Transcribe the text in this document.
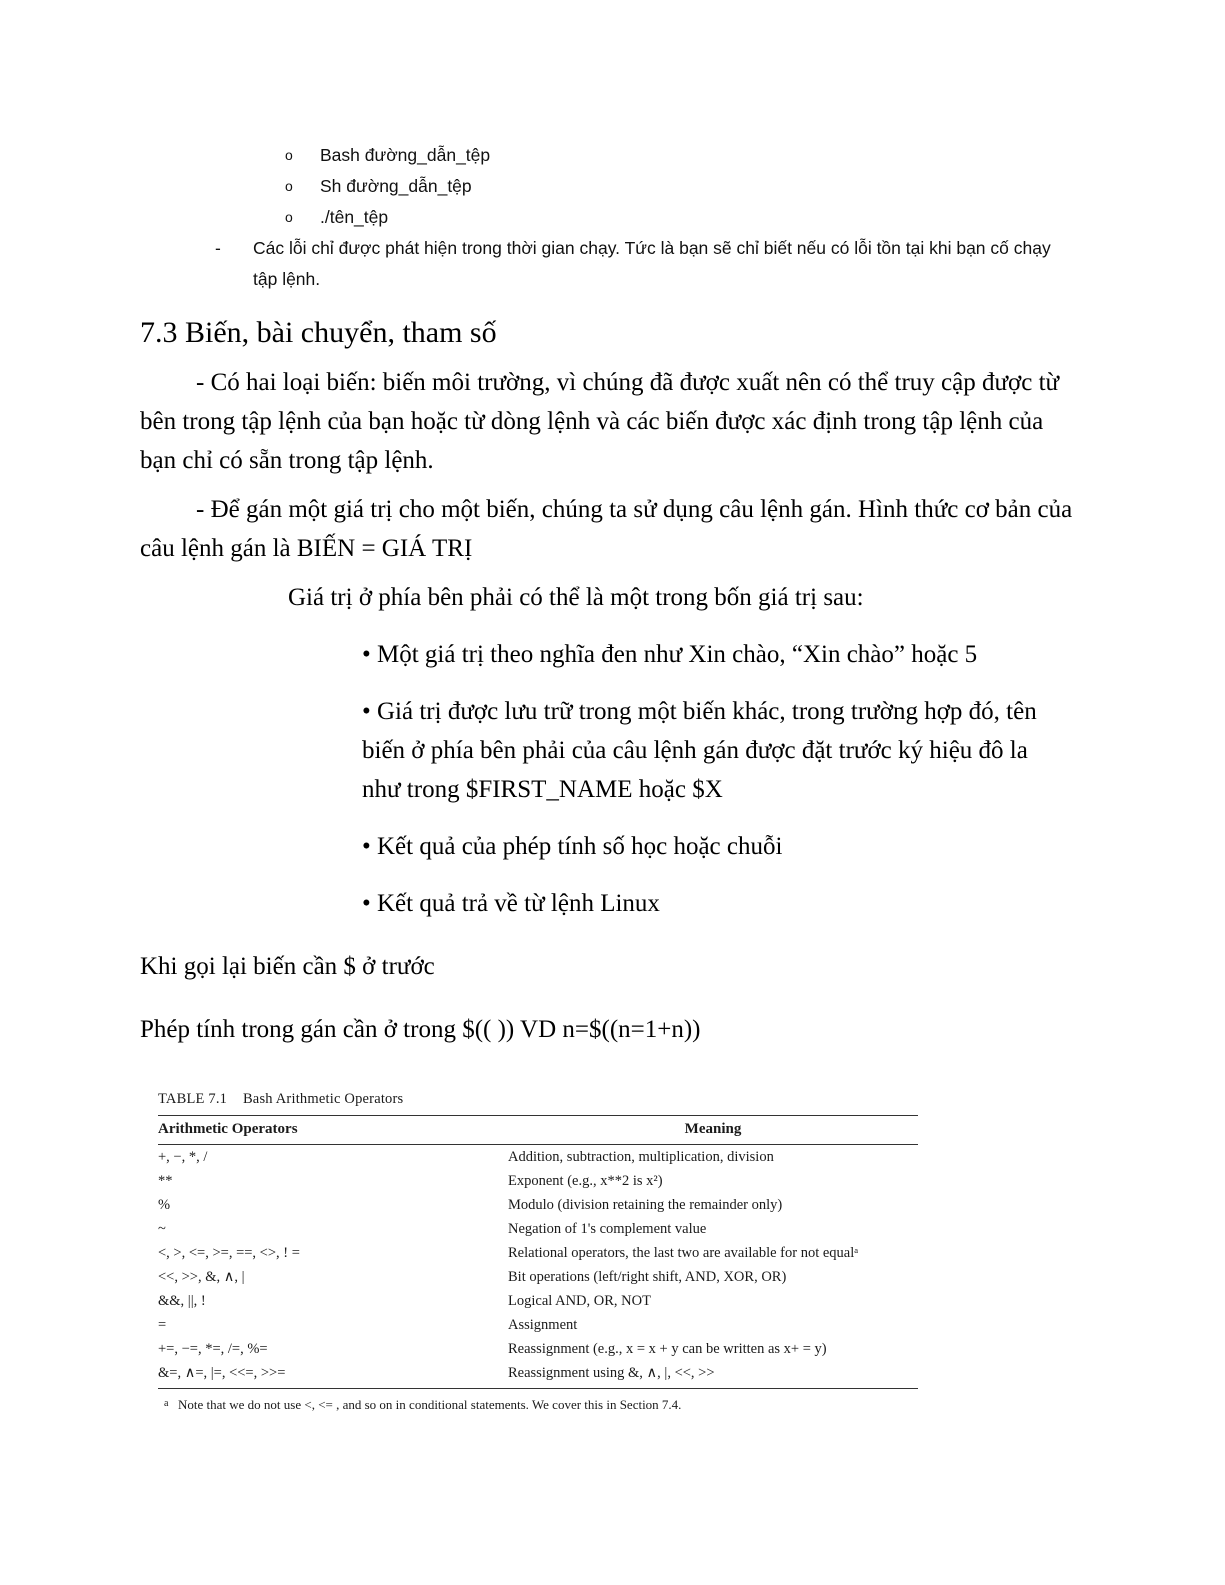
o Bash đường_dẫn_tệp
o Sh đường_dẫn_tệp
o ./tên_tệp
- Các lỗi chỉ được phát hiện trong thời gian chạy. Tức là bạn sẽ chỉ biết nếu có lỗi tồn tại khi bạn cố chạy tập lệnh.
7.3 Biến, bài chuyển, tham số

- Có hai loại biến: biến môi trường, vì chúng đã được xuất nên có thể truy cập được từ bên trong tập lệnh của bạn hoặc từ dòng lệnh và các biến được xác định trong tập lệnh của bạn chỉ có sẵn trong tập lệnh.

- Để gán một giá trị cho một biến, chúng ta sử dụng câu lệnh gán. Hình thức cơ bản của câu lệnh gán là BIẾN = GIÁ TRỊ

Giá trị ở phía bên phải có thể là một trong bốn giá trị sau:

• Một giá trị theo nghĩa đen như Xin chào, “Xin chào” hoặc 5

• Giá trị được lưu trữ trong một biến khác, trong trường hợp đó, tên biến ở phía bên phải của câu lệnh gán được đặt trước ký hiệu đô la như trong $FIRST_NAME hoặc $X

• Kết quả của phép tính số học hoặc chuỗi

• Kết quả trả về từ lệnh Linux

Khi gọi lại biến cần $ ở trước

Phép tính trong gán cần ở trong $(( )) VD n=$((n=1+n))

TABLE 7.1 Bash Arithmetic Operators
Arithmetic Operators	Meaning
+, −, *, /	Addition, subtraction, multiplication, division
**	Exponent (e.g., x**2 is x²)
%	Modulo (division retaining the remainder only)
~	Negation of 1's complement value
<, >, <=, >=, ==, <>, ! =	Relational operators, the last two are available for not equalᵃ
<<, >>, &, ∧, |	Bit operations (left/right shift, AND, XOR, OR)
&&, ||, !	Logical AND, OR, NOT
=	Assignment
+=, −=, *=, /=, %=	Reassignment (e.g., x = x + y can be written as x+ = y)
&=, ∧=, |=, <<=, >>=	Reassignment using &, ∧, |, <<, >>
a Note that we do not use <, <= , and so on in conditional statements. We cover this in Section 7.4.
